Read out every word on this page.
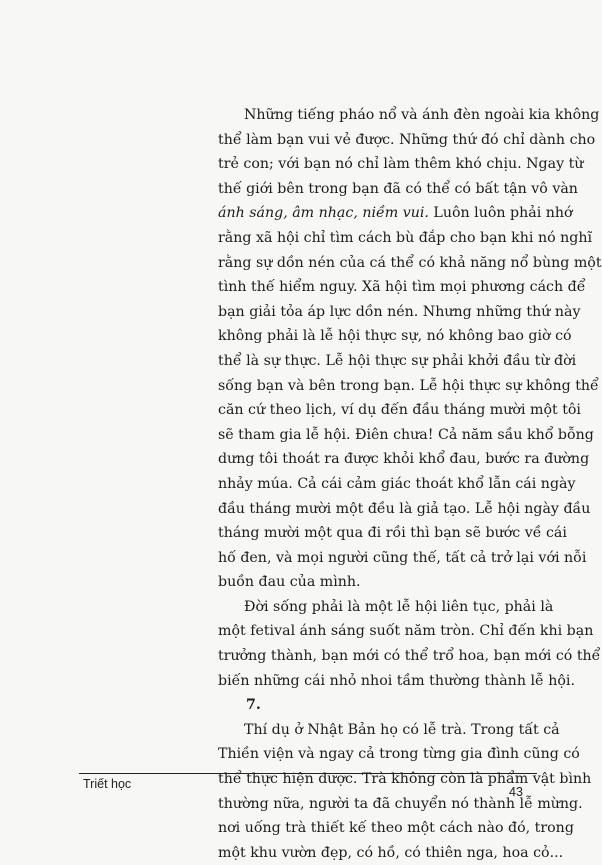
Những tiếng pháo nổ và ánh đèn ngoài kia không
thể làm bạn vui vẻ được. Những thứ đó chỉ dành cho
trẻ con; với bạn nó chỉ làm thêm khó chịu. Ngay từ
thế giới bên trong bạn đã có thể có bất tận vô vàn
ánh sáng, âm nhạc, niềm vui. Luôn luôn phải nhớ
rằng xã hội chỉ tìm cách bù đắp cho bạn khi nó nghĩ
rằng sự dồn nén của cá thể có khả năng nổ bùng một
tình thế hiểm nguy. Xã hội tìm mọi phương cách để
bạn giải tỏa áp lực dồn nén. Nhưng những thứ này
không phải là lễ hội thực sự, nó không bao giờ có
thể là sự thực. Lễ hội thực sự phải khởi đầu từ đời
sống bạn và bên trong bạn. Lễ hội thực sự không thể
căn cứ theo lịch, ví dụ đến đầu tháng mười một tôi
sẽ tham gia lễ hội. Điên chưa! Cả năm sầu khổ bỗng
dưng tôi thoát ra được khỏi khổ đau, bước ra đường
nhảy múa. Cả cái cảm giác thoát khổ lẫn cái ngày
đầu tháng mười một đều là giả tạo. Lễ hội ngày đầu
tháng mười một qua đi rồi thì bạn sẽ bước về cái
hố đen, và mọi người cũng thế, tất cả trở lại với nỗi
buồn đau của mình.
Đời sống phải là một lễ hội liên tục, phải là
một fetival ánh sáng suốt năm tròn. Chỉ đến khi bạn
trưởng thành, bạn mới có thể trổ hoa, bạn mới có thể
biến những cái nhỏ nhoi tầm thường thành lễ hội.
7.
Thí dụ ở Nhật Bản họ có lễ trà. Trong tất cả
Thiền viện và ngay cả trong từng gia đình cũng có
thể thực hiện được. Trà không còn là phẩm vật bình
thường nữa, người ta đã chuyển nó thành lễ mừng.
nơi uống trà thiết kế theo một cách nào đó, trong
một khu vườn đẹp, có hồ, có thiên nga, hoa cỏ...
Triết học
43
